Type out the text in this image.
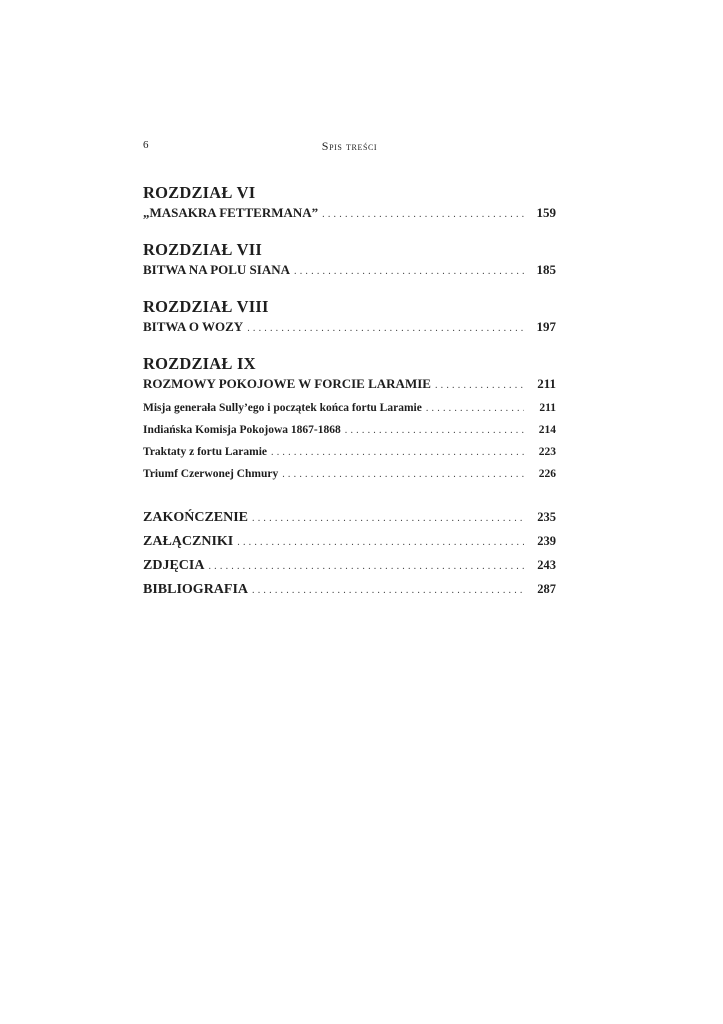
6	Spis treści
ROZDZIAŁ VI
„MASAKRA FETTERMANA” .....	159
ROZDZIAŁ VII
BITWA NA POLU SIANA .....	185
ROZDZIAŁ VIII
BITWA O WOZY .....	197
ROZDZIAŁ IX
ROZMOWY POKOJOWE W FORCIE LARAMIE .....	211
Misja generała Sully’ego i początek końca fortu Laramie .....	211
Indiańska Komisja Pokojowa 1867-1868 .....	214
Traktaty z fortu Laramie .....	223
Triumf Czerwonej Chmury .....	226
ZAKOŃCZENIE .....	235
ZAŁĄCZNIKI .....	239
ZDJĘCIA .....	243
BIBLIOGRAFIA .....	287
